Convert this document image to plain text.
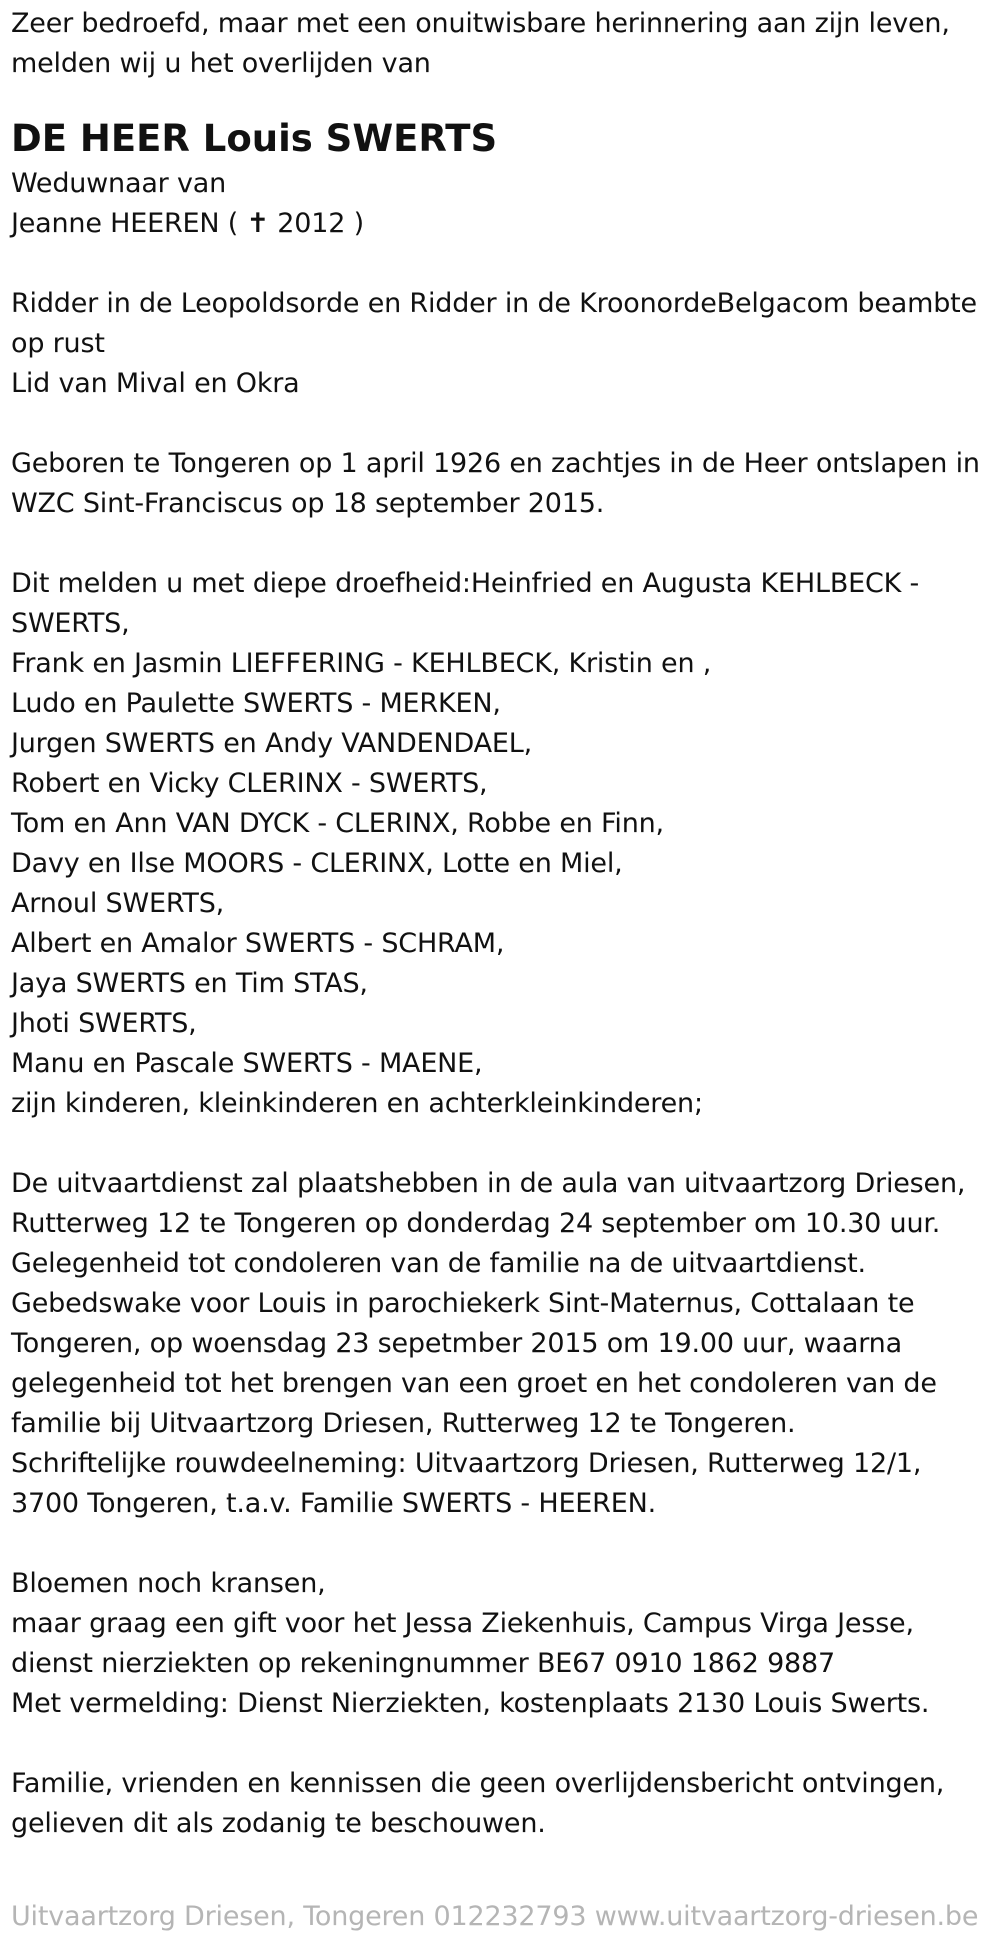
Zeer bedroefd, maar met een onuitwisbare herinnering aan zijn leven,
melden wij u het overlijden van
DE HEER Louis SWERTS
Weduwnaar van
Jeanne HEEREN ( ✝ 2012 )
Ridder in de Leopoldsorde en Ridder in de KroonordeBelgacom beambte
op rust
Lid van Mival en Okra
Geboren te Tongeren op 1 april 1926 en zachtjes in de Heer ontslapen in
WZC Sint-Franciscus op 18 september 2015.
Dit melden u met diepe droefheid:Heinfried en Augusta KEHLBECK -
SWERTS,
Frank en Jasmin LIEFFERING - KEHLBECK, Kristin en ,
Ludo en Paulette SWERTS - MERKEN,
Jurgen SWERTS en Andy VANDENDAEL,
Robert en Vicky CLERINX - SWERTS,
Tom en Ann VAN DYCK - CLERINX, Robbe en Finn,
Davy en Ilse MOORS - CLERINX, Lotte en Miel,
Arnoul SWERTS,
Albert en Amalor SWERTS - SCHRAM,
Jaya SWERTS en Tim STAS,
Jhoti SWERTS,
Manu en Pascale SWERTS - MAENE,
zijn kinderen, kleinkinderen en achterkleinkinderen;
De uitvaartdienst zal plaatshebben in de aula van uitvaartzorg Driesen,
Rutterweg 12 te Tongeren op donderdag 24 september om 10.30 uur.
Gelegenheid tot condoleren van de familie na de uitvaartdienst.
Gebedswake voor Louis in parochiekerk Sint-Maternus, Cottalaan te
Tongeren, op woensdag 23 sepetmber 2015 om 19.00 uur, waarna
gelegenheid tot het brengen van een groet en het condoleren van de
familie bij Uitvaartzorg Driesen, Rutterweg 12 te Tongeren.
Schriftelijke rouwdeelneming: Uitvaartzorg Driesen, Rutterweg 12/1,
3700 Tongeren, t.a.v. Familie SWERTS - HEEREN.
Bloemen noch kransen,
maar graag een gift voor het Jessa Ziekenhuis, Campus Virga Jesse,
dienst nierziekten op rekeningnummer BE67 0910 1862 9887
Met vermelding: Dienst Nierziekten, kostenplaats 2130 Louis Swerts.
Familie, vrienden en kennissen die geen overlijdensbericht ontvingen,
gelieven dit als zodanig te beschouwen.
Uitvaartzorg Driesen, Tongeren 012232793 www.uitvaartzorg-driesen.be
